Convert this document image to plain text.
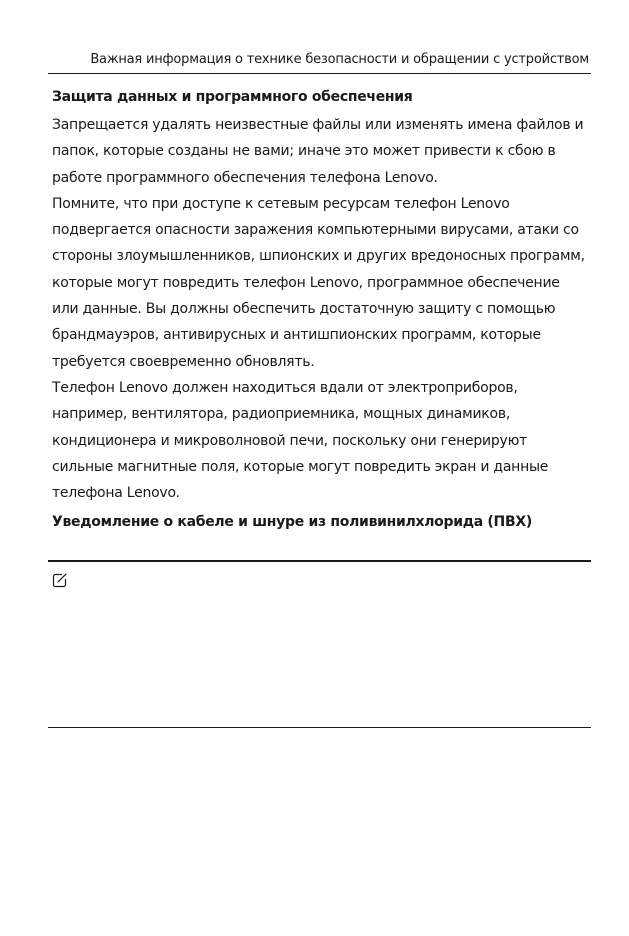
Важная информация о технике безопасности и обращении с устройством
Защита данных и программного обеспечения

Запрещается удалять неизвестные файлы или изменять имена файлов и
папок, которые созданы не вами; иначе это может привести к сбою в
работе программного обеспечения телефона Lenovo.

Помните, что при доступе к сетевым ресурсам телефон Lenovo
подвергается опасности заражения компьютерными вирусами, атаки со
стороны злоумышленников, шпионских и других вредоносных программ,
которые могут повредить телефон Lenovo, программное обеспечение
или данные. Вы должны обеспечить достаточную защиту с помощью
брандмауэров, антивирусных и антишпионских программ, которые
требуется своевременно обновлять.

Телефон Lenovo должен находиться вдали от электроприборов,
например, вентилятора, радиоприемника, мощных динамиков,
кондиционера и микроволновой печи, поскольку они генерируют
сильные магнитные поля, которые могут повредить экран и данные
телефона Lenovo.

Уведомление о кабеле и шнуре из поливинилхлорида (ПВХ)
